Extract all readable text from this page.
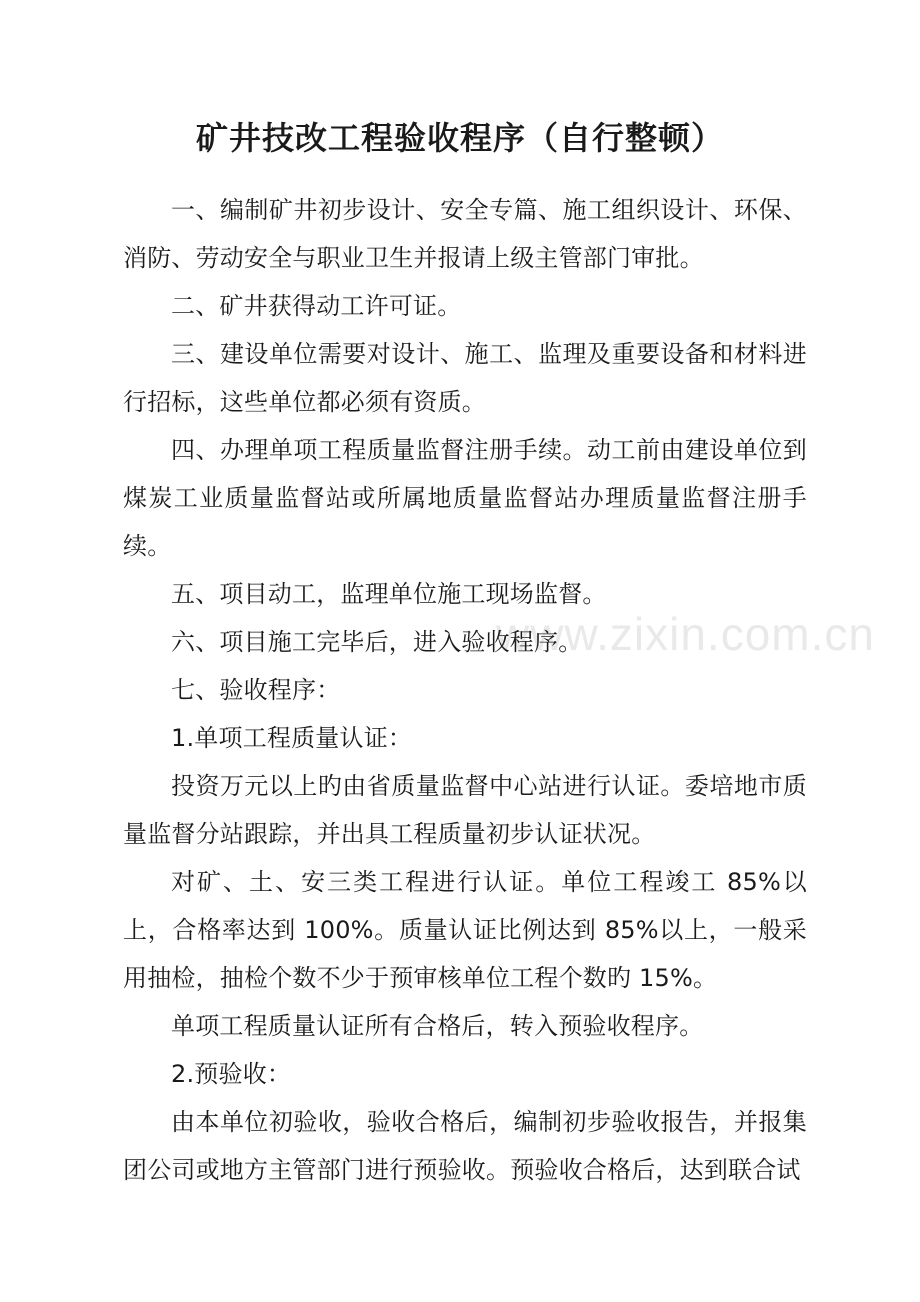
矿井技改工程验收程序（自行整顿）

一、编制矿井初步设计、安全专篇、施工组织设计、环保、消防、劳动安全与职业卫生并报请上级主管部门审批。

二、矿井获得动工许可证。

三、建设单位需要对设计、施工、监理及重要设备和材料进行招标，这些单位都必须有资质。

四、办理单项工程质量监督注册手续。动工前由建设单位到煤炭工业质量监督站或所属地质量监督站办理质量监督注册手续。

五、项目动工，监理单位施工现场监督。

六、项目施工完毕后，进入验收程序。

七、验收程序：

1.单项工程质量认证：

投资万元以上旳由省质量监督中心站进行认证。委培地市质量监督分站跟踪，并出具工程质量初步认证状况。

对矿、土、安三类工程进行认证。单位工程竣工 85%以上，合格率达到 100%。质量认证比例达到 85%以上，一般采用抽检，抽检个数不少于预审核单位工程个数旳 15%。

单项工程质量认证所有合格后，转入预验收程序。

2.预验收：

由本单位初验收，验收合格后，编制初步验收报告，并报集团公司或地方主管部门进行预验收。预验收合格后，达到联合试

www.zixin.com.cn
